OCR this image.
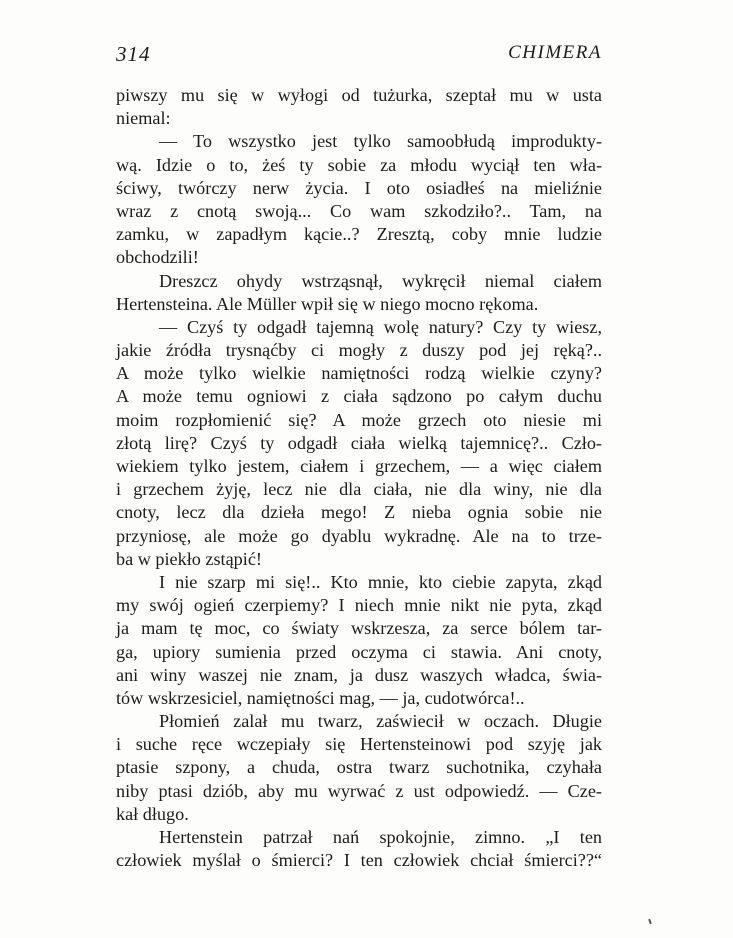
314	CHIMERA
piwszy mu się w wyłogi od tużurka, szeptał mu w usta
niemal:
— To wszystko jest tylko samoobłudą improdukty-
wą. Idzie o to, żeś ty sobie za młodu wyciął ten wła-
ściwy, twórczy nerw życia. I oto osiadłeś na mieliźnie
wraz z cnotą swoją... Co wam szkodziło?.. Tam, na
zamku, w zapadłym kącie..? Zresztą, coby mnie ludzie
obchodzili!
Dreszcz ohydy wstrząsnął, wykręcił niemal ciałem
Hertensteina. Ale Müller wpił się w niego mocno rękoma.
— Czyś ty odgadł tajemną wolę natury? Czy ty wiesz,
jakie źródła trysnąćby ci mogły z duszy pod jej ręką?..
A może tylko wielkie namiętności rodzą wielkie czyny?
A może temu ogniowi z ciała sądzono po całym duchu
moim rozpłomienić się? A może grzech oto niesie mi
złotą lirę? Czyś ty odgadł ciała wielką tajemnicę?.. Czło-
wiekiem tylko jestem, ciałem i grzechem, — a więc ciałem
i grzechem żyję, lecz nie dla ciała, nie dla winy, nie dla
cnoty, lecz dla dzieła mego! Z nieba ognia sobie nie
przyniosę, ale może go dyablu wykradnę. Ale na to trze-
ba w piekło zstąpić!
I nie szarp mi się!.. Kto mnie, kto ciebie zapyta, zkąd
my swój ogień czerpiemy? I niech mnie nikt nie pyta, zkąd
ja mam tę moc, co światy wskrzesza, za serce bólem tar-
ga, upiory sumienia przed oczyma ci stawia. Ani cnoty,
ani winy waszej nie znam, ja dusz waszych władca, świa-
tów wskrzesiciel, namiętności mag, — ja, cudotwórca!..
Płomień zalał mu twarz, zaświecił w oczach. Długie
i suche ręce wczepiały się Hertensteinowi pod szyję jak
ptasie szpony, a chuda, ostra twarz suchotnika, czyhała
niby ptasi dziób, aby mu wyrwać z ust odpowiedź. — Cze-
kał długo.
Hertenstein patrzał nań spokojnie, zimno. „I ten
człowiek myślał o śmierci? I ten człowiek chciał śmierci??“
